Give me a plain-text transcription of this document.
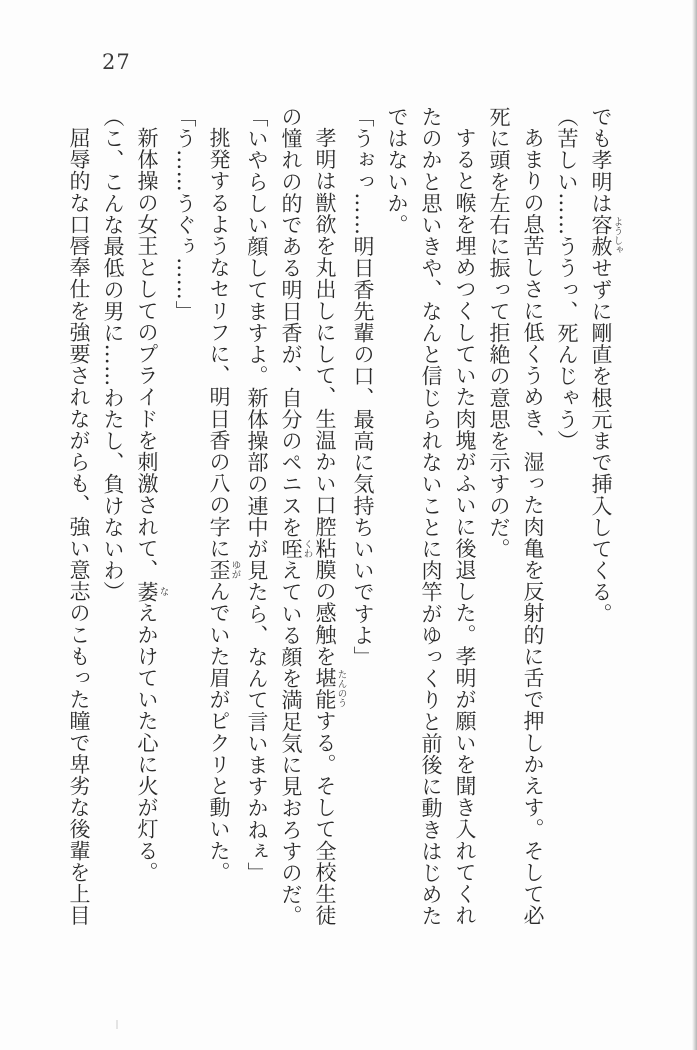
27

でも孝明は容赦ようしゃせずに剛直を根元まで挿入してくる。

（苦しい……ううっ、死んじゃう）

あまりの息苦しさに低くうめき、湿った肉亀を反射的に舌で押しかえす。そして必死に頭を左右に振って拒絶の意思を示すのだ。

すると喉を埋めつくしていた肉塊がふいに後退した。孝明が願いを聞き入れてくれたのかと思いきや、なんと信じられないことに肉竿がゆっくりと前後に動きはじめたではないか。

「うぉっ……明日香先輩の口、最高に気持ちいいですよ」

孝明は獣欲を丸出しにして、生温かい口腔粘膜の感触を堪能たんのうする。そして全校生徒の憧れの的である明日香が、自分のペニスを咥くわえている顔を満足気に見おろすのだ。

「いやらしい顔してますよ。新体操部の連中が見たら、なんて言いますかねぇ」

挑発するようなセリフに、明日香の八の字に歪ゆがんでいた眉がピクリと動いた。

「う……うぐぅ……」

新体操の女王としてのプライドを刺激されて、萎なえかけていた心に火が灯る。

（こ、こんな最低の男に……わたし、負けないわ）

屈辱的な口唇奉仕を強要されながらも、強い意志のこもった瞳で卑劣な後輩を上目
